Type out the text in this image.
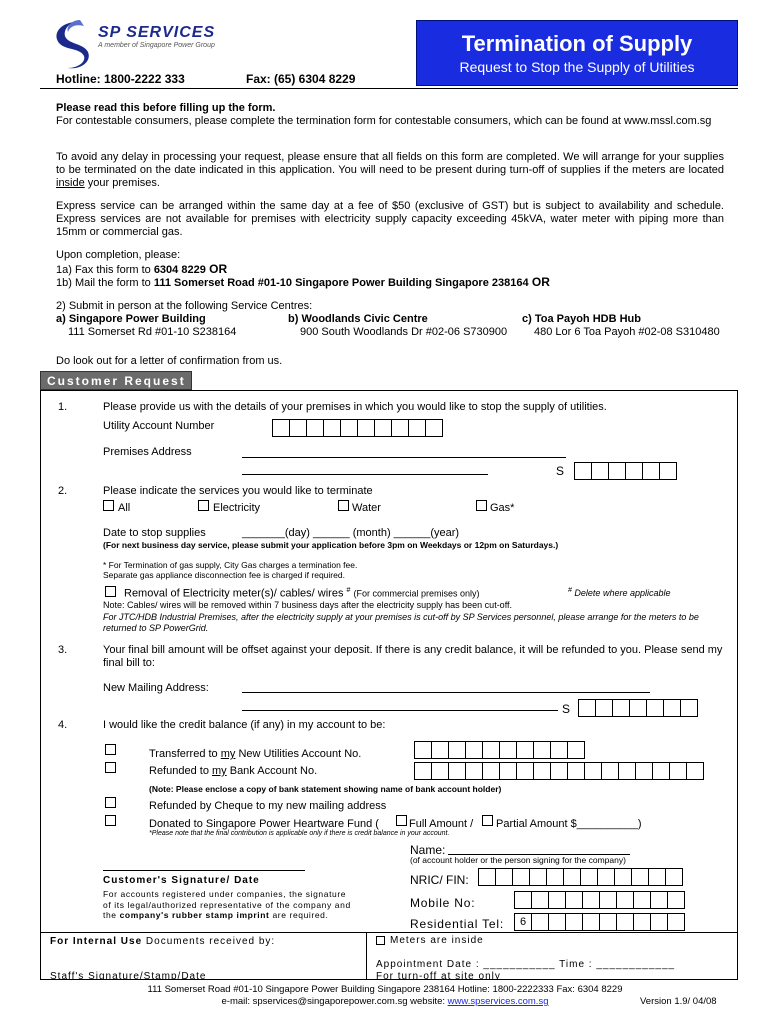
SP SERVICES
A member of Singapore Power Group	Termination of Supply
Request to Stop the Supply of Utilities
Hotline: 1800-2222 333	Fax: (65) 6304 8229
Please read this before filling up the form.
For contestable consumers, please complete the termination form for contestable consumers, which can be found at www.mssl.com.sg
To avoid any delay in processing your request, please ensure that all fields on this form are completed. We will arrange for your supplies to be terminated on the date indicated in this application. You will need to be present during turn-off of supplies if the meters are located inside your premises.
Express service can be arranged within the same day at a fee of $50 (exclusive of GST) but is subject to availability and schedule. Express services are not available for premises with electricity supply capacity exceeding 45kVA, water meter with piping more than 15mm or commercial gas.
Upon completion, please:
1a) Fax this form to 6304 8229 OR
1b) Mail the form to 111 Somerset Road #01-10 Singapore Power Building Singapore 238164 OR
2) Submit in person at the following Service Centres:
a) Singapore Power Building
111 Somerset Rd #01-10 S238164
b) Woodlands Civic Centre
900 South Woodlands Dr #02-06 S730900
c) Toa Payoh HDB Hub
480 Lor 6 Toa Payoh #02-08 S310480
Do look out for a letter of confirmation from us.
Customer Request
1.	Please provide us with the details of your premises in which you would like to stop the supply of utilities.
Utility Account Number
Premises Address
S
2.	Please indicate the services you would like to terminate
All	Electricity	Water	Gas*
Date to stop supplies	_______(day) ______ (month) ______(year)
(For next business day service, please submit your application before 3pm on Weekdays or 12pm on Saturdays.)
* For Termination of gas supply, City Gas charges a termination fee.
Separate gas appliance disconnection fee is charged if required.
Removal of Electricity meter(s)/ cables/ wires # (For commercial premises only)	# Delete where applicable
Note: Cables/ wires will be removed within 7 business days after the electricity supply has been cut-off.
For JTC/HDB Industrial Premises, after the electricity supply at your premises is cut-off by SP Services personnel, please arrange for the meters to be returned to SP PowerGrid.
3.	Your final bill amount will be offset against your deposit. If there is any credit balance, it will be refunded to you. Please send my final bill to:
New Mailing Address:
S
4.	I would like the credit balance (if any) in my account to be:
Transferred to my New Utilities Account No.
Refunded to my Bank Account No.
(Note: Please enclose a copy of bank statement showing name of bank account holder)
Refunded by Cheque to my new mailing address
Donated to Singapore Power Heartware Fund (	Full Amount / Partial Amount $__________)
*Please note that the final contribution is applicable only if there is credit balance in your account.
Name:
(of account holder or the person signing for the company)
Customer's Signature/ Date
For accounts registered under companies, the signature
of its legal/authorized representative of the company and
the company's rubber stamp imprint are required.
NRIC/ FIN:
Mobile No:
Residential Tel:	6
For Internal Use Documents received by:	Meters are inside
Appointment Date : ___________ Time : ____________
For turn-off at site only
Staff's Signature/Stamp/Date
111 Somerset Road #01-10 Singapore Power Building Singapore 238164 Hotline: 1800-2222333 Fax: 6304 8229
e-mail: spservices@singaporepower.com.sg website: www.spservices.com.sg	Version 1.9/ 04/08
